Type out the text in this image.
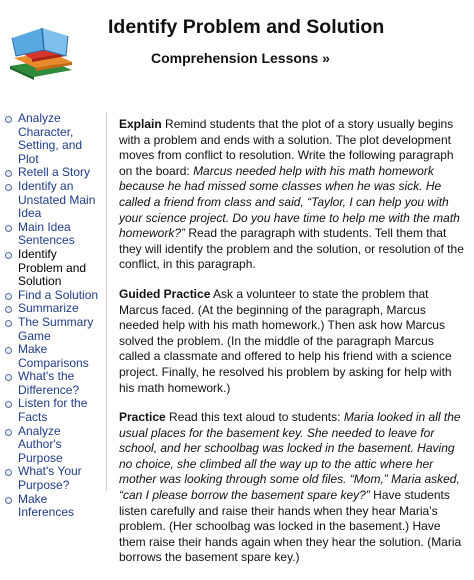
Identify Problem and Solution
Comprehension Lessons »
Analyze Character, Setting, and Plot
Retell a Story
Identify an Unstated Main Idea
Main Idea Sentences
Identify Problem and Solution
Find a Solution
Summarize
The Summary Game
Make Comparisons
What's the Difference?
Listen for the Facts
Analyze Author's Purpose
What's Your Purpose?
Make Inferences

Explain Remind students that the plot of a story usually begins with a problem and ends with a solution. The plot development moves from conflict to resolution. Write the following paragraph on the board: Marcus needed help with his math homework because he had missed some classes when he was sick. He called a friend from class and said, “Taylor, I can help you with your science project. Do you have time to help me with the math homework?” Read the paragraph with students. Tell them that they will identify the problem and the solution, or resolution of the conflict, in this paragraph.

Guided Practice Ask a volunteer to state the problem that Marcus faced. (At the beginning of the paragraph, Marcus needed help with his math homework.) Then ask how Marcus solved the problem. (In the middle of the paragraph Marcus called a classmate and offered to help his friend with a science project. Finally, he resolved his problem by asking for help with his math homework.)

Practice Read this text aloud to students: Maria looked in all the usual places for the basement key. She needed to leave for school, and her schoolbag was locked in the basement. Having no choice, she climbed all the way up to the attic where her mother was looking through some old files. “Mom,” Maria asked, “can I please borrow the basement spare key?” Have students listen carefully and raise their hands when they hear Maria’s problem. (Her schoolbag was locked in the basement.) Have them raise their hands again when they hear the solution. (Maria borrows the basement spare key.)
